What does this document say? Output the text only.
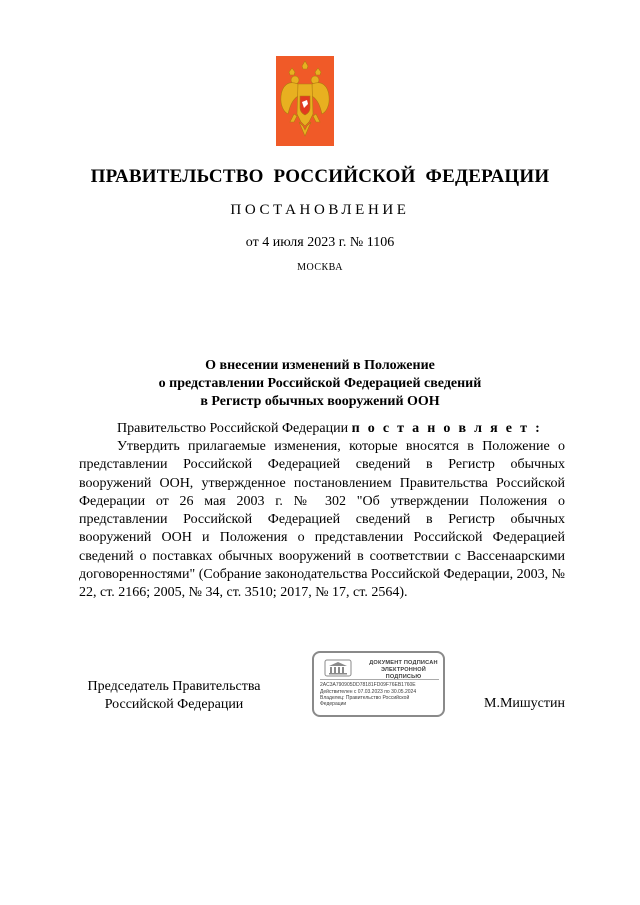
ПРАВИТЕЛЬСТВО РОССИЙСКОЙ ФЕДЕРАЦИИ
ПОСТАНОВЛЕНИЕ
от 4 июля 2023 г. № 1106
МОСКВА
О внесении изменений в Положение
о представлении Российской Федерацией сведений
в Регистр обычных вооружений ООН
Правительство Российской Федерации п о с т а н о в л я е т :
Утвердить прилагаемые изменения, которые вносятся в Положение о представлении Российской Федерацией сведений в Регистр обычных вооружений ООН, утвержденное постановлением Правительства Российской Федерации от 26 мая 2003 г. № 302 "Об утверждении Положения о представлении Российской Федерацией сведений в Регистр обычных вооружений ООН и Положения о представлении Российской Федерацией сведений о поставках обычных вооружений в соответствии с Вассенаарскими договоренностями" (Собрание законодательства Российской Федерации, 2003, № 22, ст. 2166; 2005, № 34, ст. 3510; 2017, № 17, ст. 2564).
Председатель Правительства
Российской Федерации
ДОКУМЕНТ ПОДПИСАН
ЭЛЕКТРОННОЙ ПОДПИСЬЮ
2AC3A790905DD78181FD09F76EB1760E
Действителен с 07.03.2023 по 30.05.2024
Владелец: Правительство Российской
Федерации	М.Мишустин
